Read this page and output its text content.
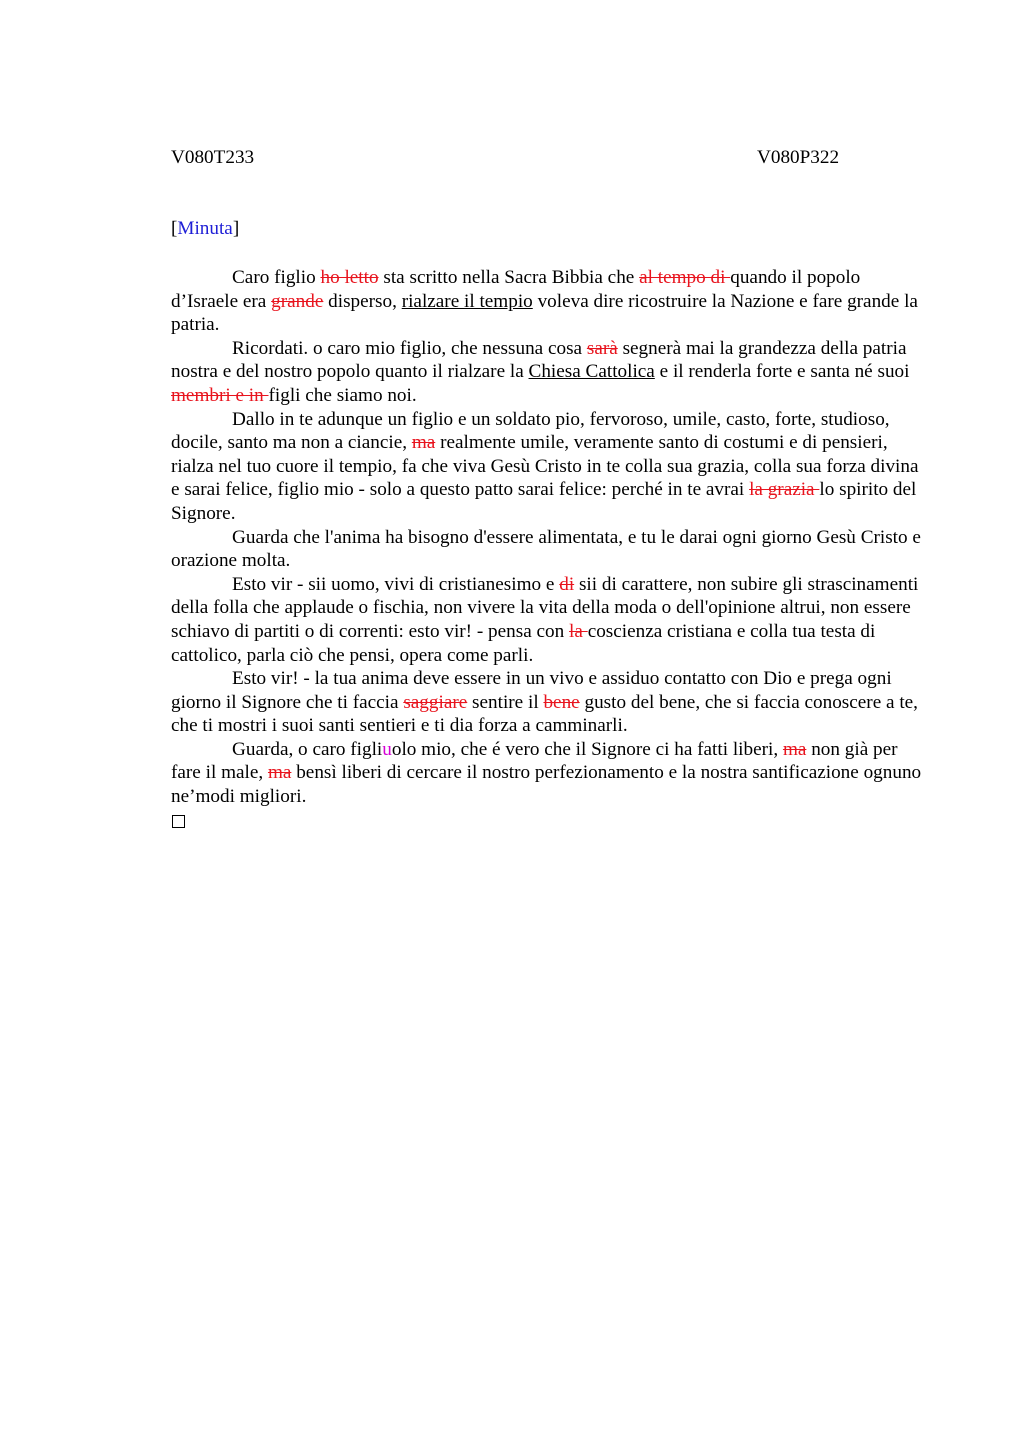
V080T233	V080P322
[Minuta]

Caro figlio ho letto sta scritto nella Sacra Bibbia che al tempo di quando il popolo d’Israele era grande disperso, rialzare il tempio voleva dire ricostruire la Nazione e fare grande la patria.

Ricordati. o caro mio figlio, che nessuna cosa sarà segnerà mai la grandezza della patria nostra e del nostro popolo quanto il rialzare la Chiesa Cattolica e il renderla forte e santa né suoi membri e in figli che siamo noi.

Dallo in te adunque un figlio e un soldato pio, fervoroso, umile, casto, forte, studioso, docile, santo ma non a ciancie, ma realmente umile, veramente santo di costumi e di pensieri, rialza nel tuo cuore il tempio, fa che viva Gesù Cristo in te colla sua grazia, colla sua forza divina e sarai felice, figlio mio - solo a questo patto sarai felice: perché in te avrai la grazia lo spirito del Signore.

Guarda che l'anima ha bisogno d'essere alimentata, e tu le darai ogni giorno Gesù Cristo e orazione molta.

Esto vir - sii uomo, vivi di cristianesimo e di sii di carattere, non subire gli strascinamenti della folla che applaude o fischia, non vivere la vita della moda o dell'opinione altrui, non essere schiavo di partiti o di correnti: esto vir! - pensa con la coscienza cristiana e colla tua testa di cattolico, parla ciò che pensi, opera come parli.

Esto vir! - la tua anima deve essere in un vivo e assiduo contatto con Dio e prega ogni giorno il Signore che ti faccia saggiare sentire il bene gusto del bene, che si faccia conoscere a te, che ti mostri i suoi santi sentieri e ti dia forza a camminarli.

Guarda, o caro figliuolo mio, che é vero che il Signore ci ha fatti liberi, ma non già per fare il male, ma bensì liberi di cercare il nostro perfezionamento e la nostra santificazione ognuno ne’modi migliori.
